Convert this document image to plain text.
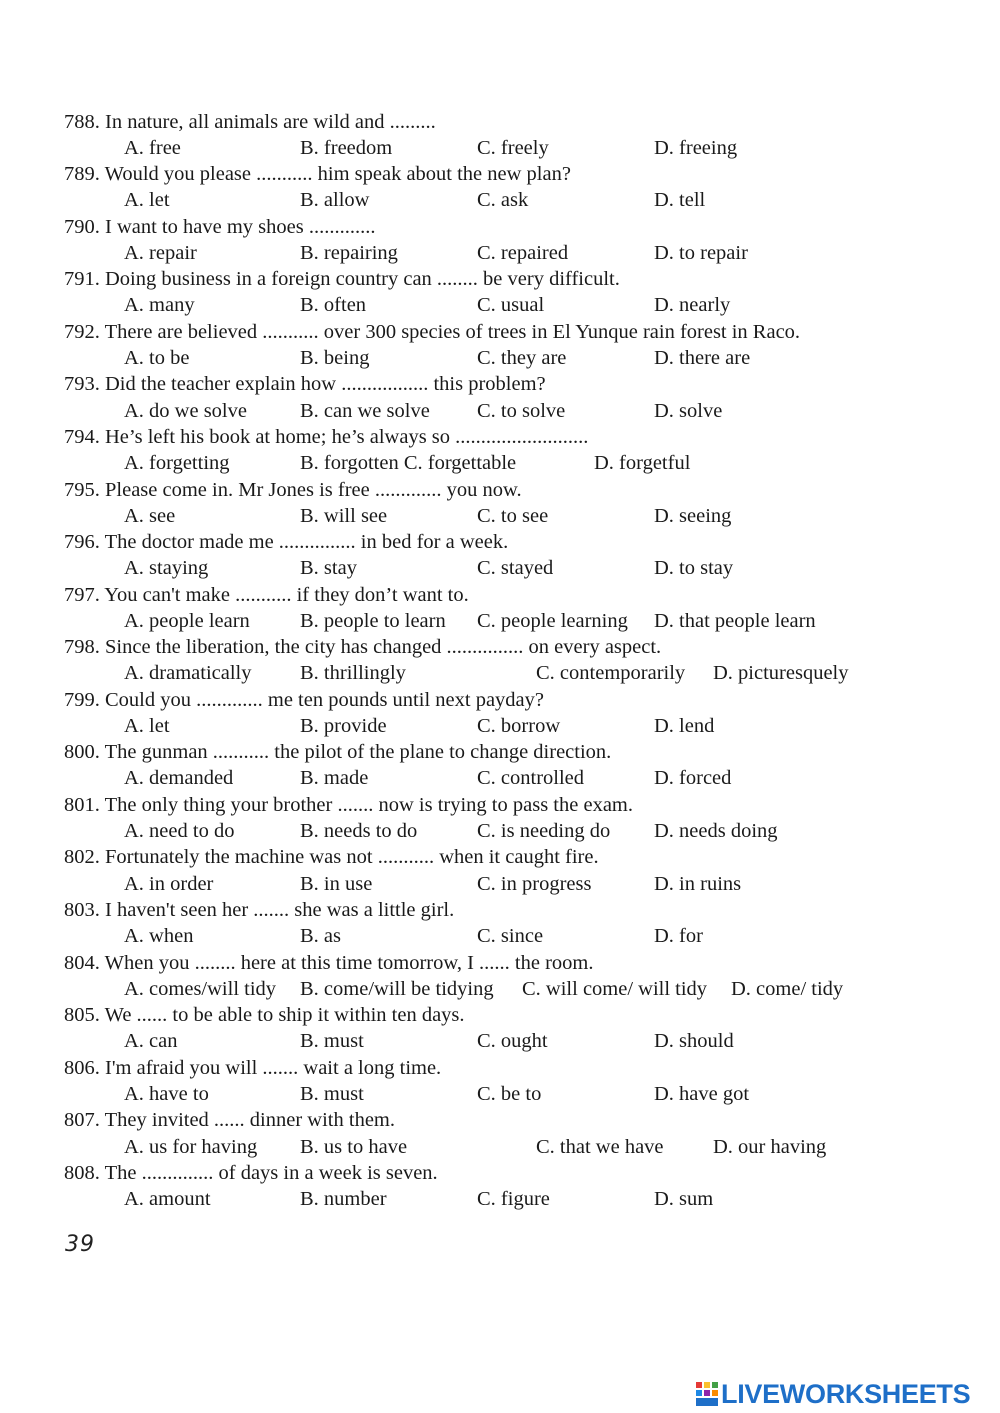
788. In nature, all animals are wild and .........
A. free	B. freedom	C. freely	D. freeing
789. Would you please ........... him speak about the new plan?
A. let	B. allow	C. ask	D. tell
790. I want to have my shoes .............
A. repair	B. repairing	C. repaired	D. to repair
791. Doing business in a foreign country can ........ be very difficult.
A. many	B. often	C. usual	D. nearly
792. There are believed ........... over 300 species of trees in El Yunque rain forest in Raco.
A. to be	B. being	C. they are	D. there are
793. Did the teacher explain how ................. this problem?
A. do we solve	B. can we solve C. to solve	D. solve
794. He’s left his book at home; he’s always so ..........................
A. forgetting	B. forgotten C. forgettable	D. forgetful
795. Please come in. Mr Jones is free ............. you now.
A. see	B. will see	C. to see	D. seeing
796. The doctor made me ............... in bed for a week.
A. staying	B. stay	C. stayed	D. to stay
797. You can't make ........... if they don’t want to.
A. people learn B. people to learn C. people learning D. that people learn
798. Since the liberation, the city has changed ............... on every aspect.
A. dramatically B. thrillingly	C. contemporarily D. picturesquely
799. Could you ............. me ten pounds until next payday?
A. let	B. provide	C. borrow	D. lend
800. The gunman ........... the pilot of the plane to change direction.
A. demanded	B. made	C. controlled	D. forced
801. The only thing your brother ....... now is trying to pass the exam.
A. need to do	B. needs to do	C. is needing do D. needs doing
802. Fortunately the machine was not ........... when it caught fire.
A. in order	B. in use	C. in progress	D. in ruins
803. I haven't seen her ....... she was a little girl.
A. when	B. as	C. since	D. for
804. When you ........ here at this time tomorrow, I ...... the room.
A. comes/will tidy B. come/will be tidying C. will come/ will tidy D. come/ tidy
805. We ...... to be able to ship it within ten days.
A. can	B. must	C. ought	D. should
806. I'm afraid you will ....... wait a long time.
A. have to	B. must	C. be to	D. have got
807. They invited ...... dinner with them.
A. us for having B. us to have	C. that we have D. our having
808. The .............. of days in a week is seven.
A. amount	B. number	C. figure	D. sum
39
LIVEWORKSHEETS
